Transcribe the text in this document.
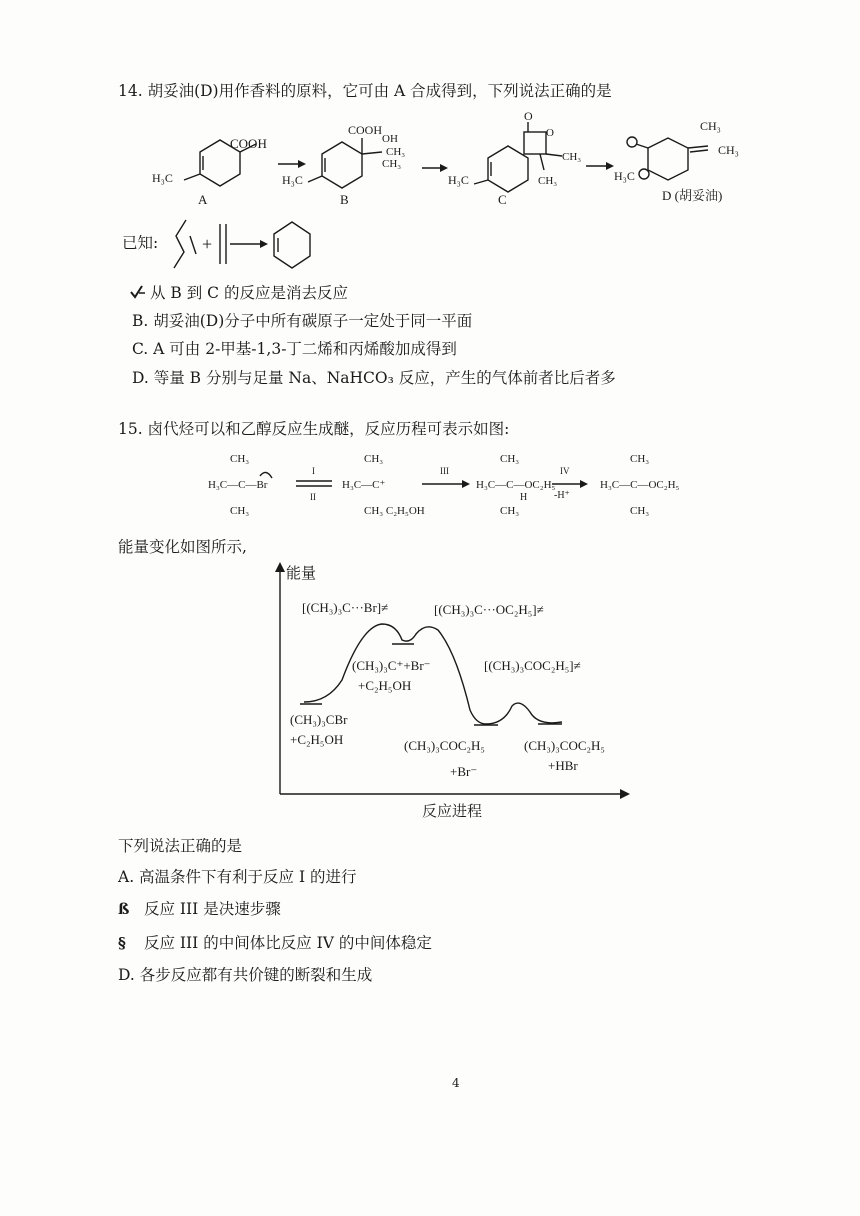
14. 胡妥油(D)用作香料的原料，它可由 A 合成得到，下列说法正确的是
COOH
H₃C
A
COOH
OH
CH₃
CH₃
H₃C
B
O
O
CH₃
CH₃
H₃C
C
CH₃
CH₃
H₃C
D (胡妥油)
已知: +
从 B 到 C 的反应是消去反应
B. 胡妥油(D)分子中所有碳原子一定处于同一平面
C. A 可由 2-甲基-1,3-丁二烯和丙烯酸加成得到
D. 等量 B 分别与足量 Na、NaHCO₃ 反应，产生的气体前者比后者多
15. 卤代烃可以和乙醇反应生成醚，反应历程可表示如图:
CH₃
H₃C—C—Br
CH₃
I
II
CH₃
H₃C—C⁺
CH₃ C₂H₅OH
III
CH₃
H₃C—C—OC₂H₅
H
CH₃
IV
-H⁺
CH₃
H₃C—C—OC₂H₅
CH₃
能量变化如图所示,
能量
反应进程
[(CH₃)₃C···Br]≠	[(CH₃)₃C···OC₂H₅]≠
[(CH₃)₃COC₂H₅]≠
(CH₃)₃C⁺+Br⁻
+C₂H₅OH
(CH₃)₃CBr
+C₂H₅OH	(CH₃)₃COC₂H₅
+Br⁻
(CH₃)₃COC₂H₅
+HBr
下列说法正确的是
A. 高温条件下有利于反应 I 的进行
ß 反应 III 是决速步骤
§ 反应 III 的中间体比反应 IV 的中间体稳定
D. 各步反应都有共价键的断裂和生成
4
